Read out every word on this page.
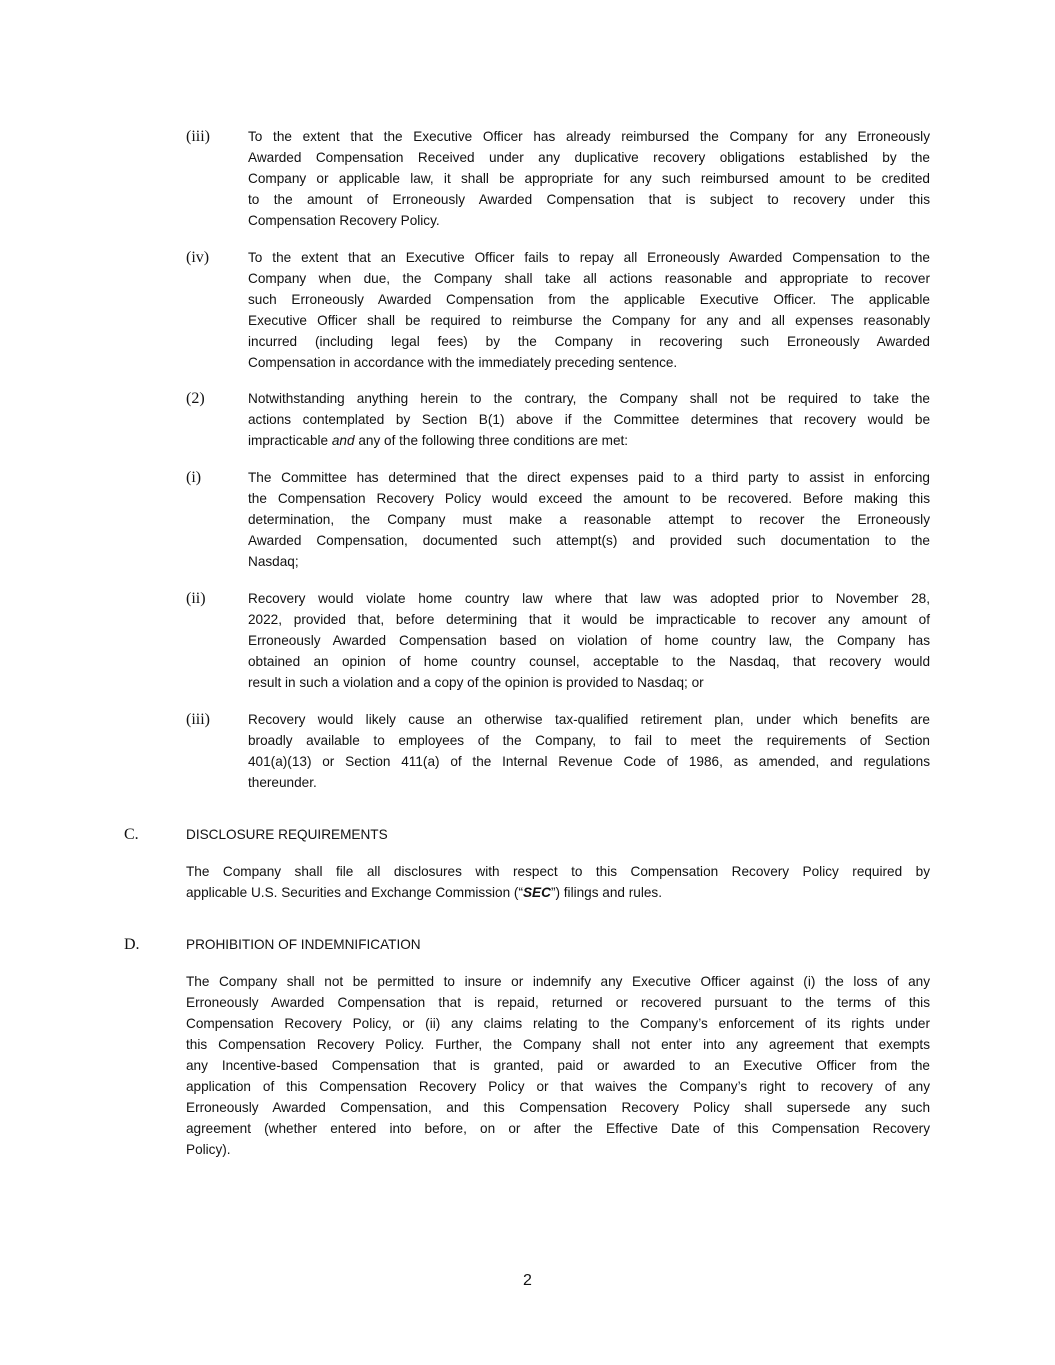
(iii)	To the extent that the Executive Officer has already reimbursed the Company for any Erroneously
Awarded Compensation Received under any duplicative recovery obligations established by the
Company or applicable law, it shall be appropriate for any such reimbursed amount to be credited
to the amount of Erroneously Awarded Compensation that is subject to recovery under this
Compensation Recovery Policy.
(iv)	To the extent that an Executive Officer fails to repay all Erroneously Awarded Compensation to the
Company when due, the Company shall take all actions reasonable and appropriate to recover
such Erroneously Awarded Compensation from the applicable Executive Officer. The applicable
Executive Officer shall be required to reimburse the Company for any and all expenses reasonably
incurred (including legal fees) by the Company in recovering such Erroneously Awarded
Compensation in accordance with the immediately preceding sentence.
(2)	Notwithstanding anything herein to the contrary, the Company shall not be required to take the
actions contemplated by Section B(1) above if the Committee determines that recovery would be
impracticable and any of the following three conditions are met:
(i)	The Committee has determined that the direct expenses paid to a third party to assist in enforcing
the Compensation Recovery Policy would exceed the amount to be recovered. Before making this
determination, the Company must make a reasonable attempt to recover the Erroneously
Awarded Compensation, documented such attempt(s) and provided such documentation to the
Nasdaq;
(ii)	Recovery would violate home country law where that law was adopted prior to November 28,
2022, provided that, before determining that it would be impracticable to recover any amount of
Erroneously Awarded Compensation based on violation of home country law, the Company has
obtained an opinion of home country counsel, acceptable to the Nasdaq, that recovery would
result in such a violation and a copy of the opinion is provided to Nasdaq; or
(iii)	Recovery would likely cause an otherwise tax-qualified retirement plan, under which benefits are
broadly available to employees of the Company, to fail to meet the requirements of Section
401(a)(13) or Section 411(a) of the Internal Revenue Code of 1986, as amended, and regulations
thereunder.
C.	DISCLOSURE REQUIREMENTS
The Company shall file all disclosures with respect to this Compensation Recovery Policy required by
applicable U.S. Securities and Exchange Commission (“SEC”) filings and rules.
D.	PROHIBITION OF INDEMNIFICATION
The Company shall not be permitted to insure or indemnify any Executive Officer against (i) the loss of any
Erroneously Awarded Compensation that is repaid, returned or recovered pursuant to the terms of this
Compensation Recovery Policy, or (ii) any claims relating to the Company’s enforcement of its rights under
this Compensation Recovery Policy. Further, the Company shall not enter into any agreement that exempts
any Incentive-based Compensation that is granted, paid or awarded to an Executive Officer from the
application of this Compensation Recovery Policy or that waives the Company’s right to recovery of any
Erroneously Awarded Compensation, and this Compensation Recovery Policy shall supersede any such
agreement (whether entered into before, on or after the Effective Date of this Compensation Recovery
Policy).
2
